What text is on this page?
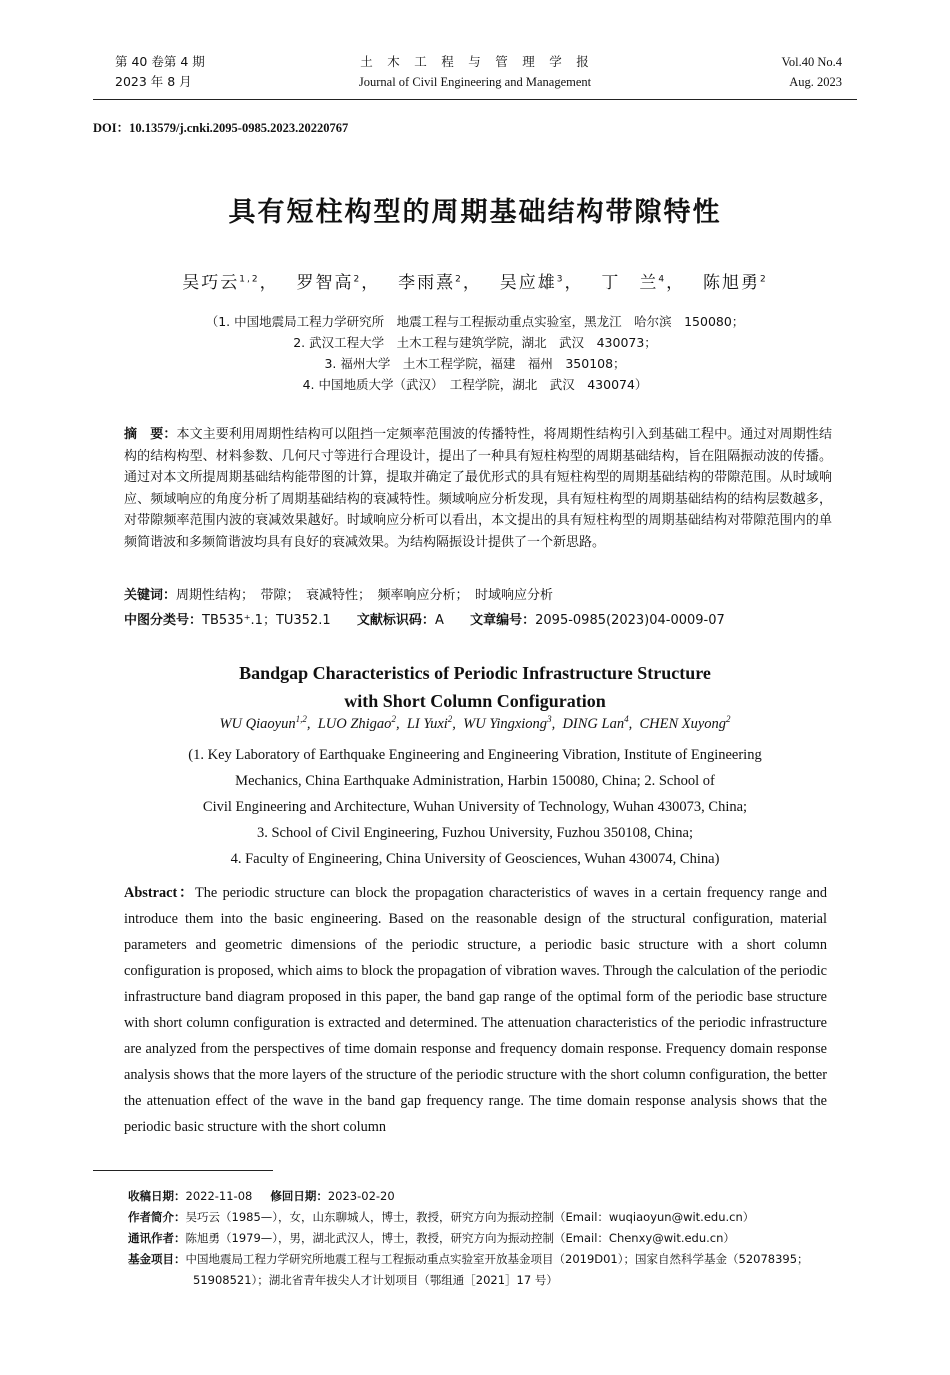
第 40 卷第 4 期
2023 年 8 月
土　木　工　程　与　管　理　学　报
Journal of Civil Engineering and Management
Vol.40 No.4
Aug. 2023
DOI：10.13579/j.cnki.2095-0985.2023.20220767
具有短柱构型的周期基础结构带隙特性
吴巧云$^{1,2}$，　 罗智高$^2$，　 李雨熹$^2$，　 吴应雄$^3$，　 丁　兰$^4$，　 陈旭勇$^2$
（1. 中国地震局工程力学研究所　地震工程与工程振动重点实验室，黑龙江　哈尔滨　150080；
2. 武汉工程大学　土木工程与建筑学院，湖北　武汉　430073；
3. 福州大学　土木工程学院，福建　福州　350108；
4. 中国地质大学（武汉）　工程学院，湖北　武汉　430074）
摘　要：本文主要利用周期性结构可以阻挡一定频率范围波的传播特性，将周期性结构引入到基础工程中。通过对周期性结构的结构构型、材料参数、几何尺寸等进行合理设计，提出了一种具有短柱构型的周期基础结构，旨在阻隔振动波的传播。通过对本文所提周期基础结构能带图的计算，提取并确定了最优形式的具有短柱构型的周期基础结构的带隙范围。从时域响应、频域响应的角度分析了周期基础结构的衰减特性。频域响应分析发现，具有短柱构型的周期基础结构的结构层数越多，对带隙频率范围内波的衰减效果越好。时域响应分析可以看出，本文提出的具有短柱构型的周期基础结构对带隙范围内的单频简谐波和多频简谐波均具有良好的衰减效果。为结构隔振设计提供了一个新思路。
关键词：周期性结构；　带隙；　衰减特性；　频率响应分析；　时域响应分析
中图分类号：TB535⁺.1；TU352.1 文献标识码：A 文章编号：2095-0985(2023)04-0009-07
Bandgap Characteristics of Periodic Infrastructure Structure
with Short Column Configuration
WU Qiaoyun$^{1,2}$,  LUO Zhigao$^2$,  LI Yuxi$^2$,  WU Yingxiong$^3$,  DING Lan$^4$,  CHEN Xuyong$^2$
(1. Key Laboratory of Earthquake Engineering and Engineering Vibration, Institute of Engineering
Mechanics, China Earthquake Administration, Harbin 150080, China; 2. School of
Civil Engineering and Architecture, Wuhan University of Technology, Wuhan 430073, China;
3. School of Civil Engineering, Fuzhou University, Fuzhou 350108, China;
4. Faculty of Engineering, China University of Geosciences, Wuhan 430074, China)
Abstract：The periodic structure can block the propagation characteristics of waves in a certain frequency range and introduce them into the basic engineering. Based on the reasonable design of the structural configuration, material parameters and geometric dimensions of the periodic structure, a periodic basic structure with a short column configuration is proposed, which aims to block the propagation of vibration waves. Through the calculation of the periodic infrastructure band diagram proposed in this paper, the band gap range of the optimal form of the periodic base structure with short column configuration is extracted and determined. The attenuation characteristics of the periodic infrastructure are analyzed from the perspectives of time domain response and frequency domain response. Frequency domain response analysis shows that the more layers of the structure of the periodic structure with the short column configuration, the better the attenuation effect of the wave in the band gap frequency range. The time domain response analysis shows that the periodic basic structure with the short column
收稿日期：2022-11-08 修回日期：2023-02-20
作者简介：吴巧云（1985—），女，山东聊城人，博士，教授，研究方向为振动控制（Email：wuqiaoyun@wit.edu.cn）
通讯作者：陈旭勇（1979—），男，湖北武汉人，博士，教授，研究方向为振动控制（Email：Chenxy@wit.edu.cn）
基金项目：中国地震局工程力学研究所地震工程与工程振动重点实验室开放基金项目（2019D01）；国家自然科学基金（52078395；
51908521）；湖北省青年拔尖人才计划项目（鄂组通［2021］17 号）
